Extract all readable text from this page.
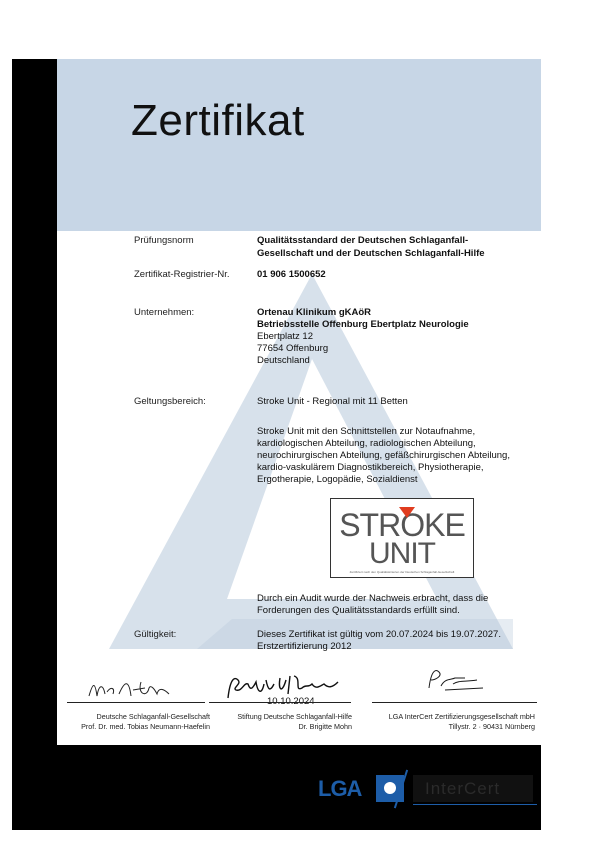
Zertifikat
Prüfungsnorm	Qualitätsstandard der Deutschen Schlaganfall-
Gesellschaft und der Deutschen Schlaganfall-Hilfe
Zertifikat-Registrier-Nr.	01 906 1500652
Unternehmen:	Ortenau Klinikum gKAöR
Betriebsstelle Offenburg Ebertplatz Neurologie
Ebertplatz 12
77654 Offenburg
Deutschland
Geltungsbereich:	Stroke Unit - Regional mit 11 Betten
Stroke Unit mit den Schnittstellen zur Notaufnahme,
kardiologischen Abteilung, radiologischen Abteilung,
neurochirurgischen Abteilung, gefäßchirurgischen Abteilung,
kardio-vaskulärem Diagnostikbereich, Physiotherapie,
Ergotherapie, Logopädie, Sozialdienst
STROKE
UNIT
Zertifiziert nach den Qualitätskriterien der Deutschen Schlaganfall-Gesellschaft
Durch ein Audit wurde der Nachweis erbracht, dass die
Forderungen des Qualitätsstandards erfüllt sind.
Gültigkeit:	Dieses Zertifikat ist gültig vom 20.07.2024 bis 19.07.2027.
Erstzertifizierung 2012
Deutsche Schlaganfall-Gesellschaft
Prof. Dr. med. Tobias Neumann-Haefelin
Stiftung Deutsche Schlaganfall-Hilfe
Dr. Brigitte Mohn
LGA InterCert Zertifizierungsgesellschaft mbH
Tillystr. 2 · 90431 Nürnberg
LGA	InterCert
